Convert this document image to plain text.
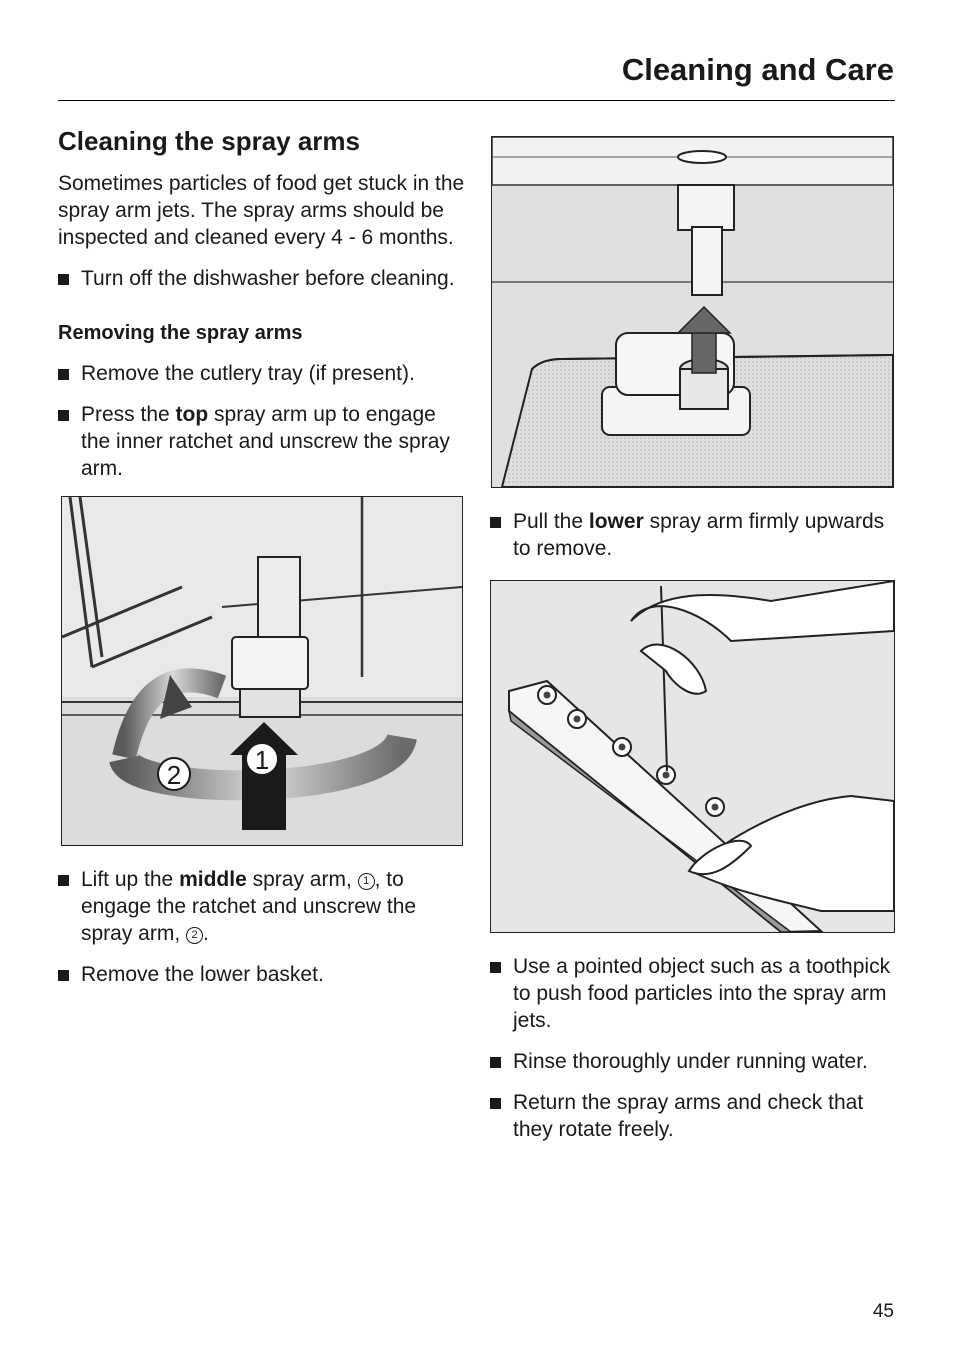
Cleaning and Care
Cleaning the spray arms

Sometimes particles of food get stuck in the spray arm jets. The spray arms should be inspected and cleaned every 4 - 6 months.

Turn off the dishwasher before cleaning.
Removing the spray arms
Remove the cutlery tray (if present).
Press the top spray arm up to engage the inner ratchet and unscrew the spray arm.
1
2
Lift up the middle spray arm, 1 , to engage the ratchet and unscrew the spray arm, 2 .
Remove the lower basket.
Pull the lower spray arm firmly upwards to remove.
Use a pointed object such as a toothpick to push food particles into the spray arm jets.
Rinse thoroughly under running water.
Return the spray arms and check that they rotate freely.
45
